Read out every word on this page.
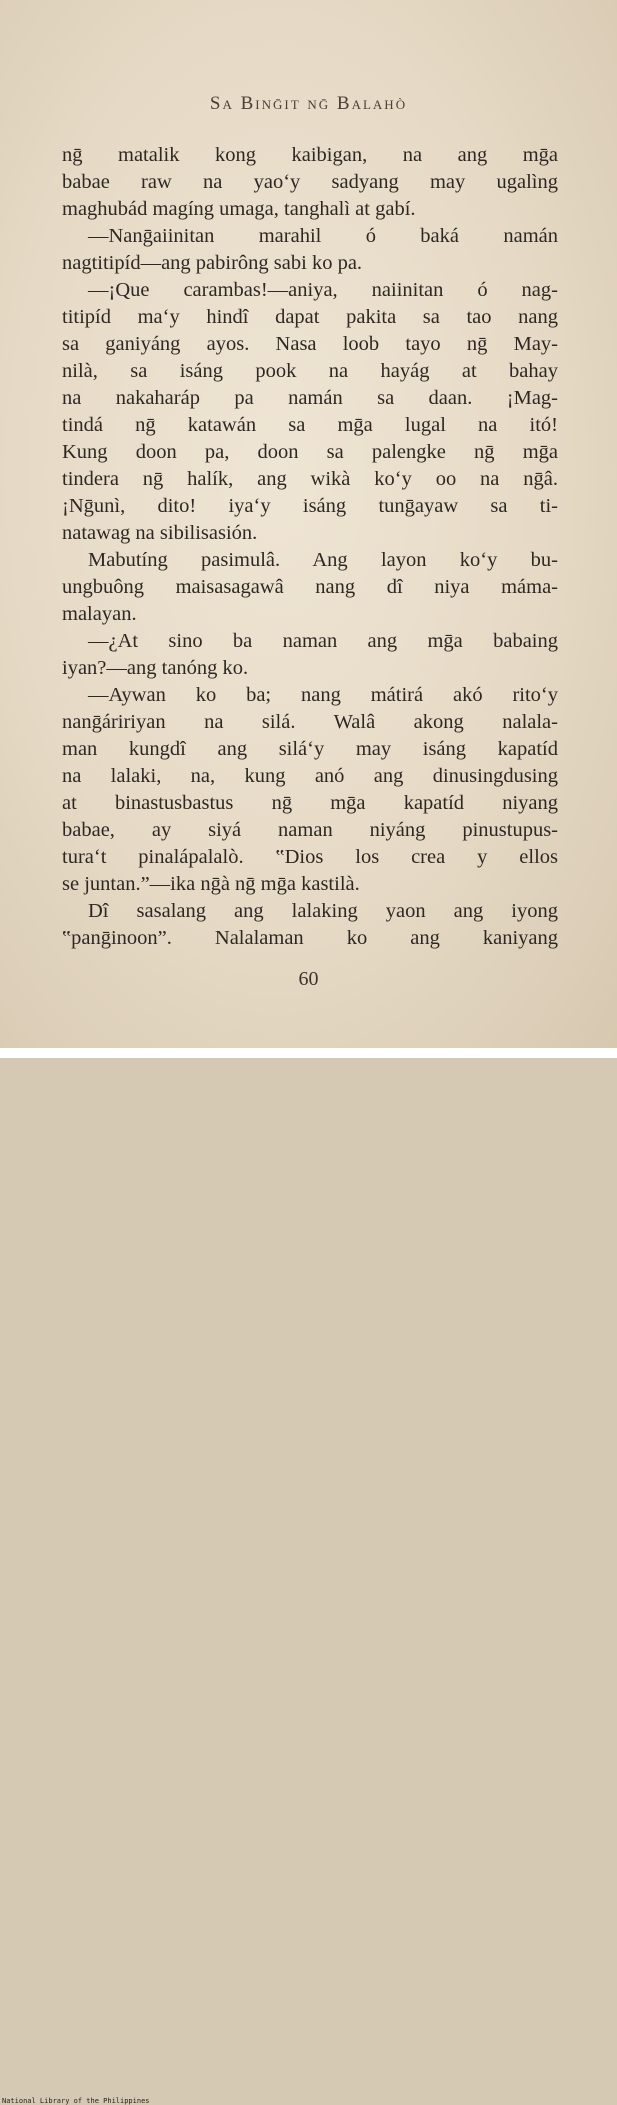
Sa Binḡit nḡ Balahò
nḡ matalik kong kaibigan, na ang mḡa
babae raw na yao‘y sadyang may ugalìng
maghubád magíng umaga, tanghalì at gabí.
—Nanḡaiinitan marahil ó baká namán
nagtitipíd—ang pabirông sabi ko pa.
—¡Que carambas!—aniya, naiinitan ó nag-
titipíd ma‘y hindî dapat pakita sa tao nang
sa ganiyáng ayos. Nasa loob tayo nḡ May-
nilà, sa isáng pook na hayág at bahay
na nakaharáp pa namán sa daan. ¡Mag-
tindá nḡ katawán sa mḡa lugal na itó!
Kung doon pa, doon sa palengke nḡ mḡa
tindera nḡ halík, ang wikà ko‘y oo na nḡâ.
¡Nḡunì, dito! iya‘y isáng tunḡayaw sa ti-
natawag na sibilisasión.
Mabutíng pasimulâ. Ang layon ko‘y bu-
ungbuông maisasagawâ nang dî niya máma-
malayan.
—¿At sino ba naman ang mḡa babaing
iyan?—ang tanóng ko.
—Aywan ko ba; nang mátirá akó rito‘y
nanḡáririyan na silá. Walâ akong nalala-
man kungdî ang silá‘y may isáng kapatíd
na lalaki, na, kung anó ang dinusingdusing
at binastusbastus nḡ mḡa kapatíd niyang
babae, ay siyá naman niyáng pinustupus-
tura‘t pinalápalalò. ‟Dios los crea y ellos
se juntan.”—ika nḡà nḡ mḡa kastilà.
Dî sasalang ang lalaking yaon ang iyong
‟panḡinoon”. Nalalaman ko ang kaniyang
60
National Library of the Philippines
